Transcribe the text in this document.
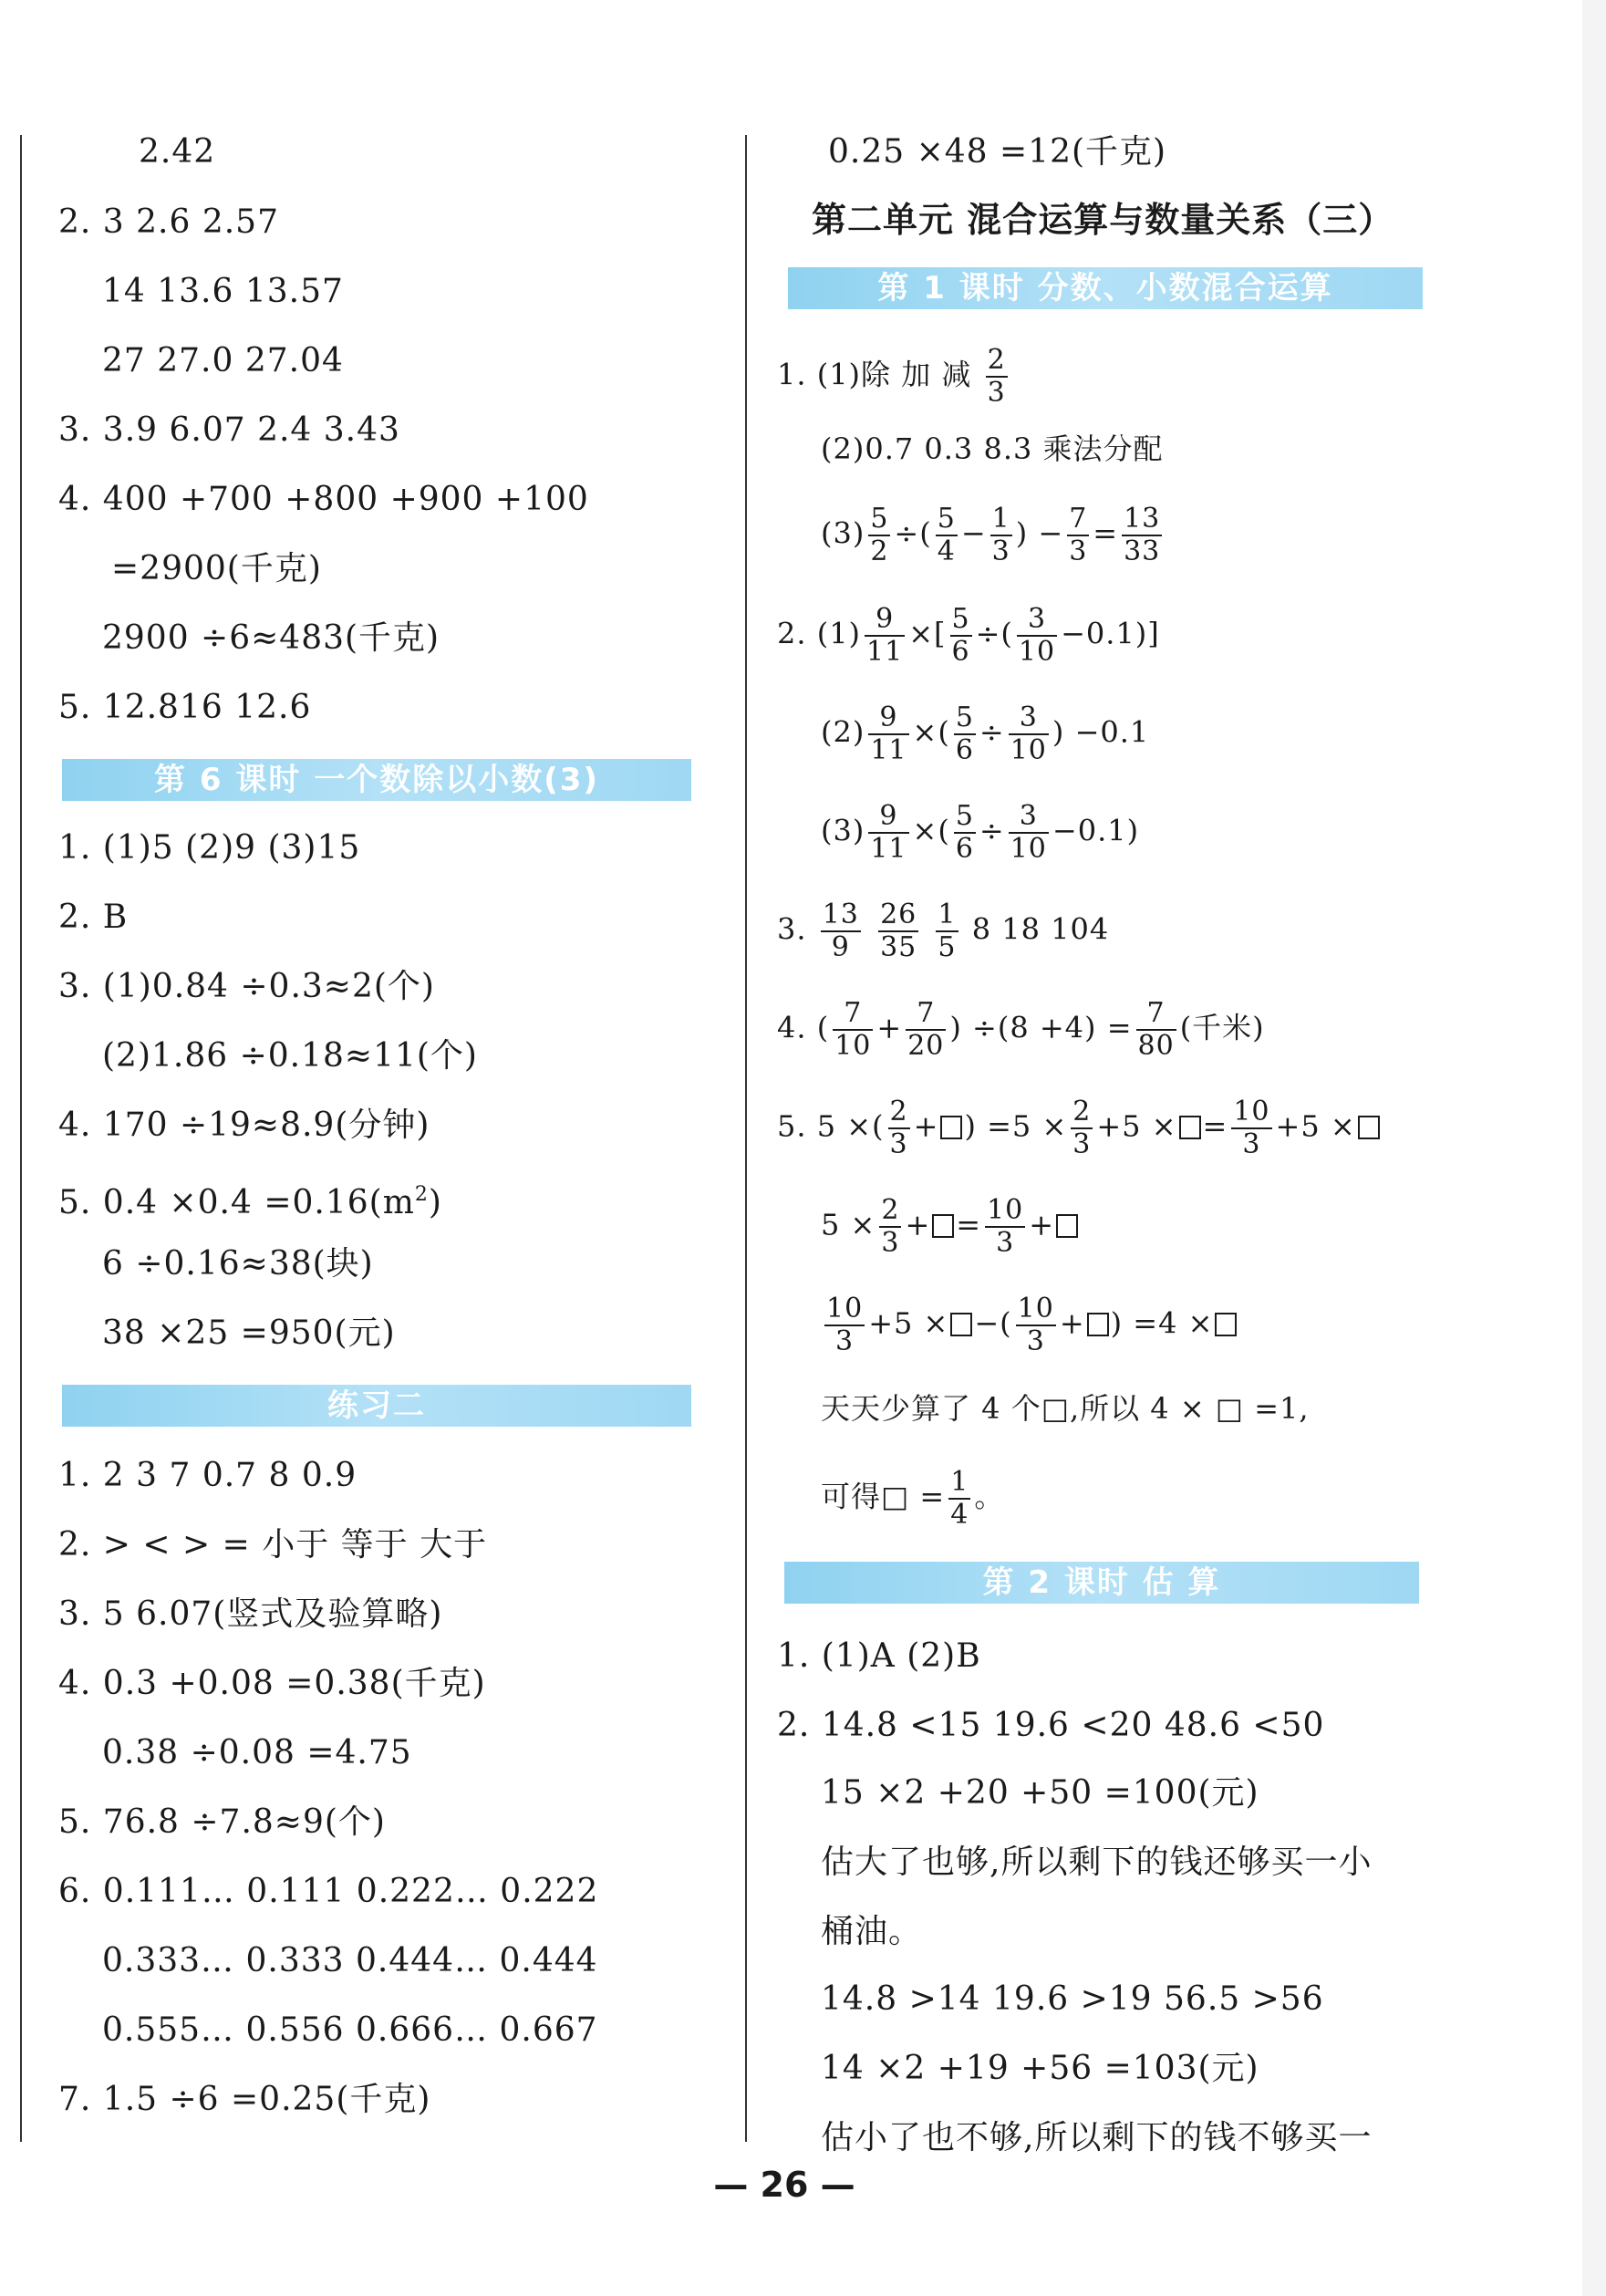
2.42
2. 3 2.6 2.57
14 13.6 13.57
27 27.0 27.04
3. 3.9 6.07 2.4 3.43
4. 400 +700 +800 +900 +100
=2900(千克)
2900 ÷6≈483(千克)
5. 12.816 12.6
第 6 课时 一个数除以小数(3)
1. (1)5 (2)9 (3)15
2. B
3. (1)0.84 ÷0.3≈2(个)
(2)1.86 ÷0.18≈11(个)
4. 170 ÷19≈8.9(分钟)
5. $0.4 \times 0.4 =0.16(m^2)$
6 ÷0.16≈38(块)
38 ×25 =950(元)
练习二
1. 2 3 7 0.7 8 0.9
2. > < > = 小于 等于 大于
3. 5 6.07(竖式及验算略)
4. 0.3 +0.08 =0.38(千克)
0.38 ÷0.08 =4.75
5. 76.8 ÷7.8≈9(个)
6. 0.111… 0.111 0.222… 0.222
0.333… 0.333 0.444… 0.444
0.555… 0.556 0.666… 0.667
7. 1.5 ÷6 =0.25(千克)
0.25 ×48 =12(千克)
第二单元 混合运算与数量关系（三）
第 1 课时 分数、小数混合运算
1. (1)除 加 减 $\frac{2}{3}$
(2)0.7 0.3 8.3 乘法分配
$(3) \frac{5}{2}$ ÷( $\frac{5}{4} - \frac{1}{3}$ ) − $\frac{7}{3} = \frac{13}{33}$
2. $(1) \frac{9}{11}$ ×[ $\frac{5}{6}$ ÷( $\frac{3}{10} -0.1$)]
$(2) \frac{9}{11}$ ×( $\frac{5}{6} \div \frac{3}{10}$ ) −0.1
$(3) \frac{9}{11}$ ×( $\frac{5}{6} \div \frac{3}{10} -0.1$)
3. $\frac{13}{9}$
$\frac{26}{35}$
$\frac{1}{5} 8$ 18 104
4. ( $\frac{7}{10} + \frac{7}{20}$ ) $\div(8 +4) = \frac{7}{80}$ (千米)
5. 5 ×( $\frac{2}{3}$ + ) $=5 \times \frac{2}{3} +5$ × = $\frac{10}{3} +5$ ×
$5 \times \frac{2}{3}$ + = $\frac{10}{3}$ +
$\frac{10}{3} +5$ × −( $\frac{10}{3}$ + ) =4 ×
天天少算了 4 个□,所以 4 × □ =1,
可得□ = $\frac{1}{4}$ 。
第 2 课时 估 算
1. (1)A (2)B
2. 14.8 <15 19.6 <20 48.6 <50
15 ×2 +20 +50 =100(元)
估大了也够,所以剩下的钱还够买一小
桶油。
14.8 >14 19.6 >19 56.5 >56
14 ×2 +19 +56 =103(元)
估小了也不够,所以剩下的钱不够买一
— 26 —
